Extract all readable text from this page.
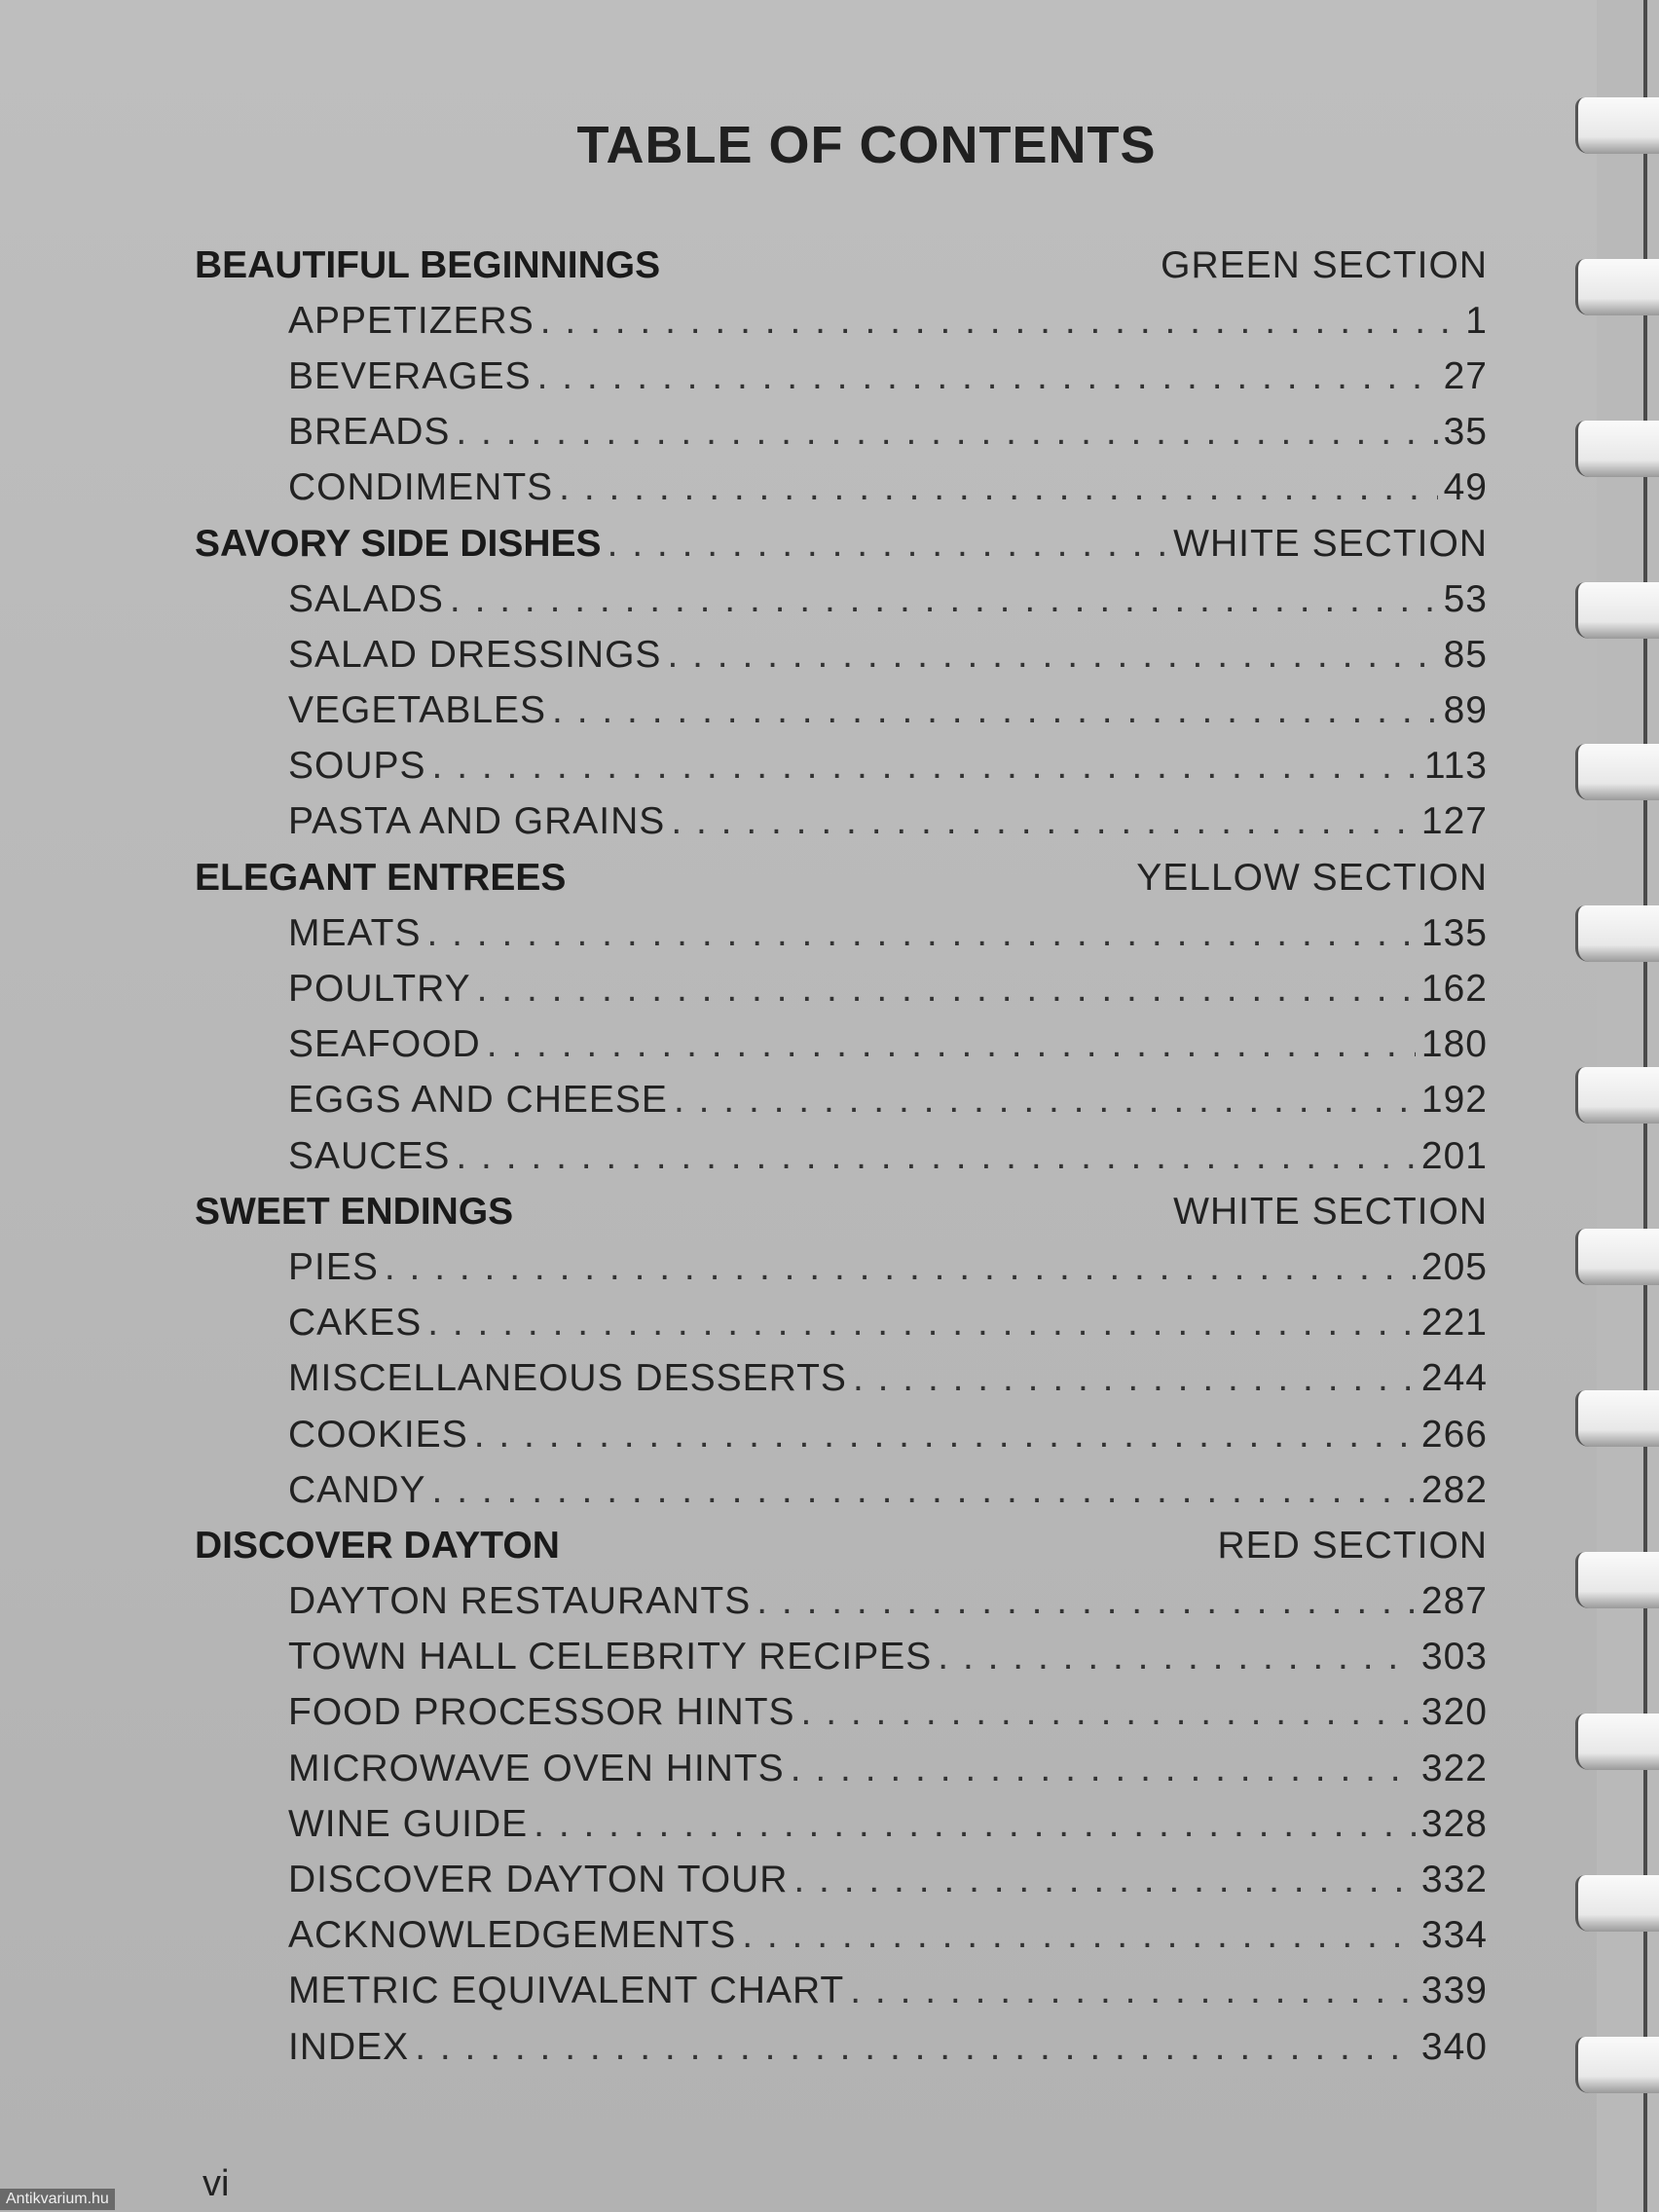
TABLE OF CONTENTS
BEAUTIFUL BEGINNINGS	GREEN SECTION
APPETIZERS . . .	1
BEVERAGES . . .	27
BREADS . . .	35
CONDIMENTS . . .	49
SAVORY SIDE DISHES . . .	WHITE SECTION
SALADS . . .	53
SALAD DRESSINGS . . .	85
VEGETABLES . . .	89
SOUPS . . .	113
PASTA AND GRAINS . . .	127
ELEGANT ENTREES	YELLOW SECTION
MEATS . . .	135
POULTRY . . .	162
SEAFOOD . . .	180
EGGS AND CHEESE . . .	192
SAUCES . . .	201
SWEET ENDINGS	WHITE SECTION
PIES . . .	205
CAKES . . .	221
MISCELLANEOUS DESSERTS . . .	244
COOKIES . . .	266
CANDY . . .	282
DISCOVER DAYTON	RED SECTION
DAYTON RESTAURANTS . . .	287
TOWN HALL CELEBRITY RECIPES . . .	303
FOOD PROCESSOR HINTS . . .	320
MICROWAVE OVEN HINTS . . .	322
WINE GUIDE . . .	328
DISCOVER DAYTON TOUR . . .	332
ACKNOWLEDGEMENTS . . .	334
METRIC EQUIVALENT CHART . . .	339
INDEX . . .	340
vi
Antikvarium.hu
